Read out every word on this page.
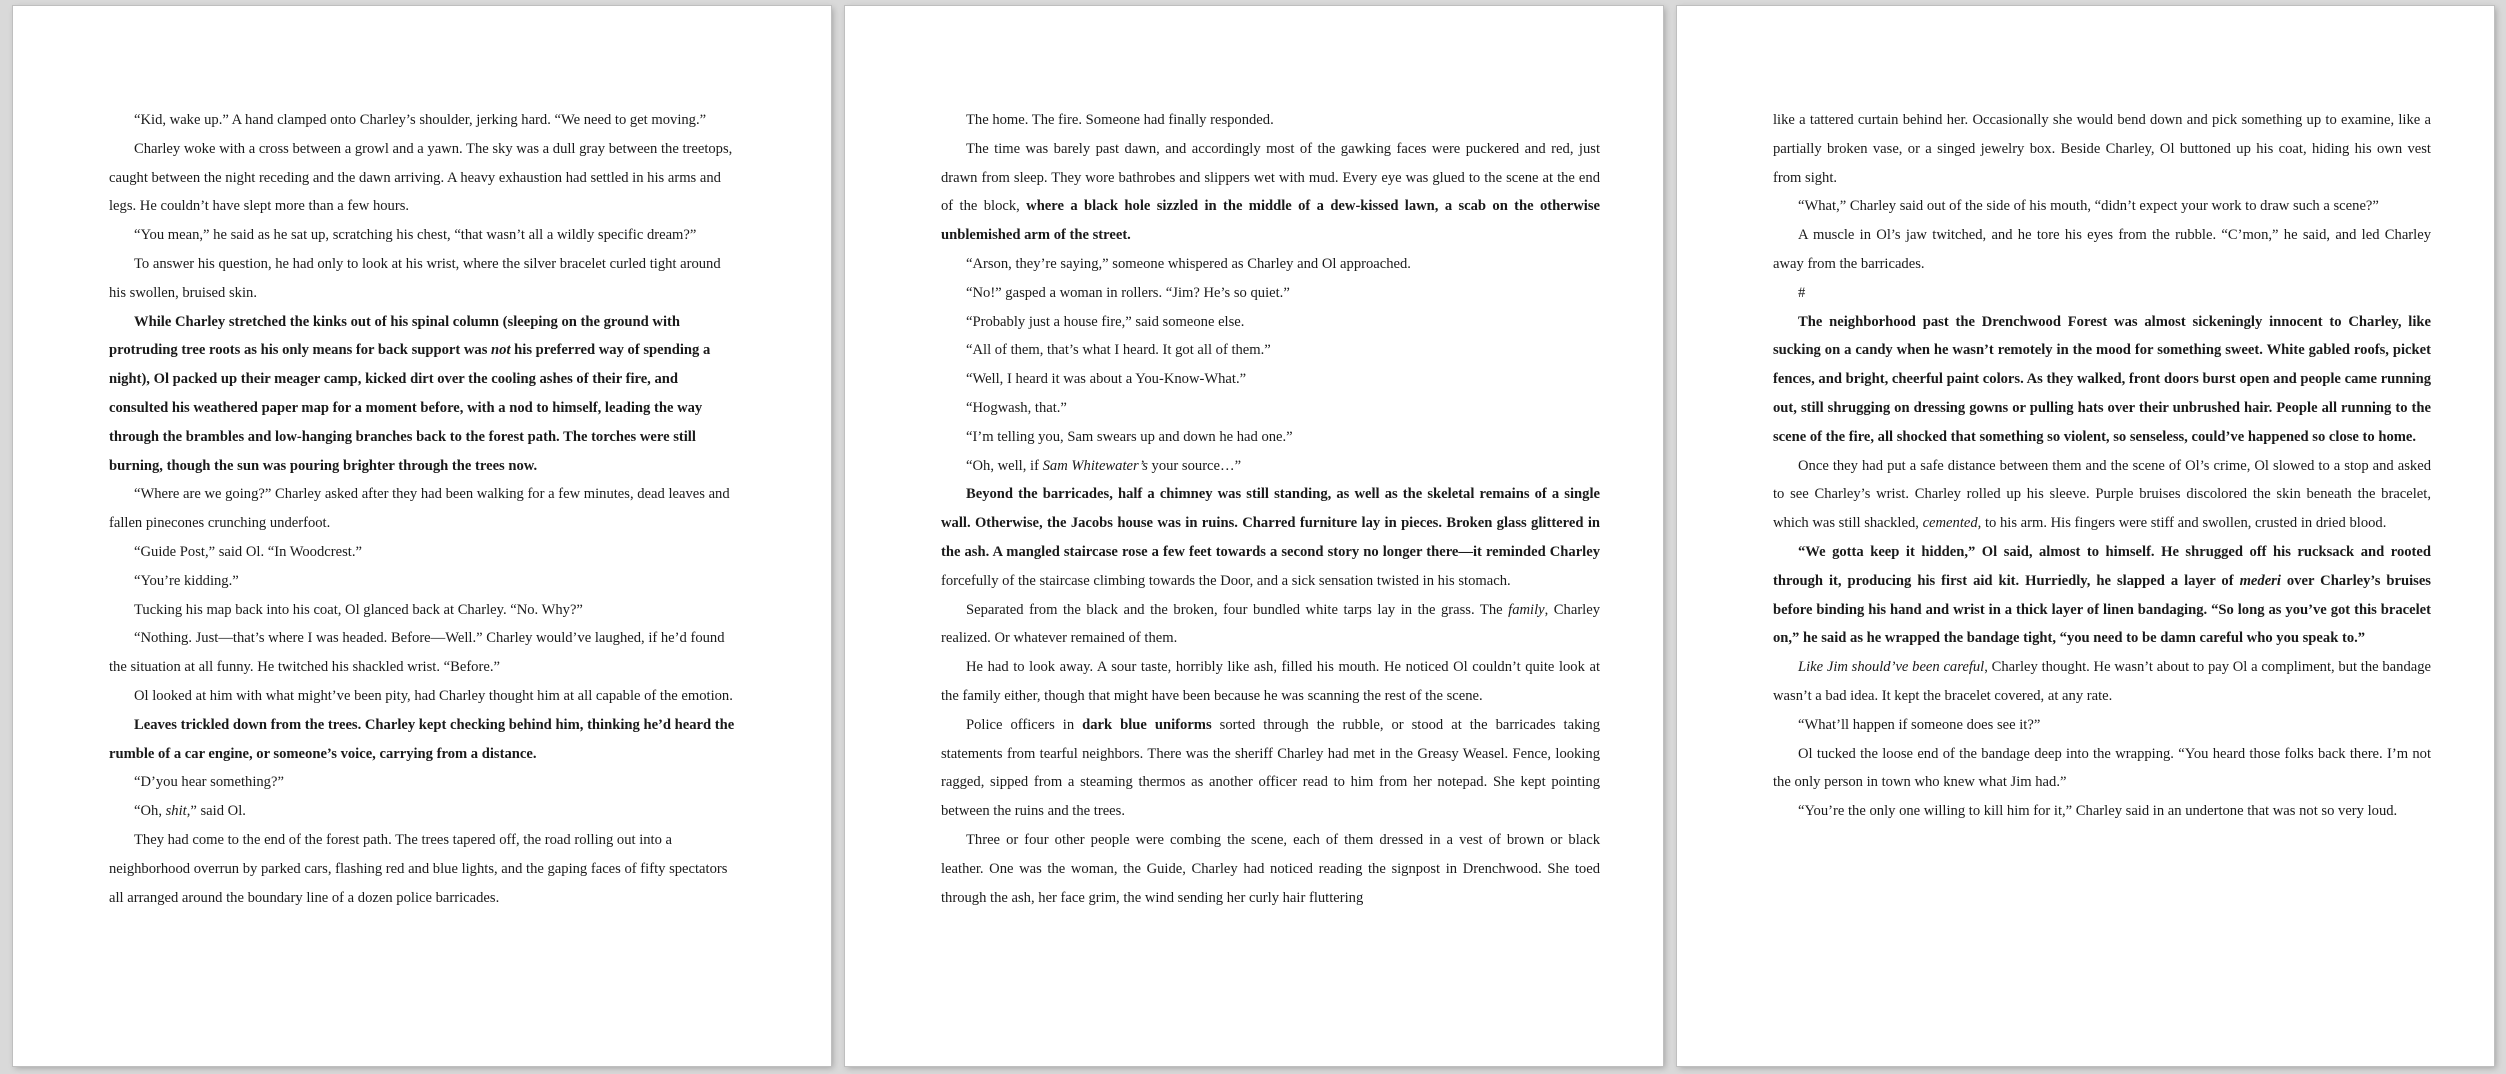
“Kid, wake up.” A hand clamped onto Charley’s shoulder, jerking hard. “We need to get moving.”

Charley woke with a cross between a growl and a yawn. The sky was a dull gray between the treetops, caught between the night receding and the dawn arriving. A heavy exhaustion had settled in his arms and legs. He couldn’t have slept more than a few hours.

“You mean,” he said as he sat up, scratching his chest, “that wasn’t all a wildly specific dream?”

To answer his question, he had only to look at his wrist, where the silver bracelet curled tight around his swollen, bruised skin.

While Charley stretched the kinks out of his spinal column (sleeping on the ground with protruding tree roots as his only means for back support was not his preferred way of spending a night), Ol packed up their meager camp, kicked dirt over the cooling ashes of their fire, and consulted his weathered paper map for a moment before, with a nod to himself, leading the way through the brambles and low-hanging branches back to the forest path. The torches were still burning, though the sun was pouring brighter through the trees now.

“Where are we going?” Charley asked after they had been walking for a few minutes, dead leaves and fallen pinecones crunching underfoot.

“Guide Post,” said Ol. “In Woodcrest.”

“You’re kidding.”

Tucking his map back into his coat, Ol glanced back at Charley. “No. Why?”

“Nothing. Just—that’s where I was headed. Before—Well.” Charley would’ve laughed, if he’d found the situation at all funny. He twitched his shackled wrist. “Before.”

Ol looked at him with what might’ve been pity, had Charley thought him at all capable of the emotion.

Leaves trickled down from the trees. Charley kept checking behind him, thinking he’d heard the rumble of a car engine, or someone’s voice, carrying from a distance.

“D’you hear something?”

“Oh, shit,” said Ol.

They had come to the end of the forest path. The trees tapered off, the road rolling out into a neighborhood overrun by parked cars, flashing red and blue lights, and the gaping faces of fifty spectators all arranged around the boundary line of a dozen police barricades.

The home. The fire. Someone had finally responded.

The time was barely past dawn, and accordingly most of the gawking faces were puckered and red, just drawn from sleep. They wore bathrobes and slippers wet with mud. Every eye was glued to the scene at the end of the block, where a black hole sizzled in the middle of a dew-kissed lawn, a scab on the otherwise unblemished arm of the street.

“Arson, they’re saying,” someone whispered as Charley and Ol approached.

“No!” gasped a woman in rollers. “Jim? He’s so quiet.”

“Probably just a house fire,” said someone else.

“All of them, that’s what I heard. It got all of them.”

“Well, I heard it was about a You-Know-What.”

“Hogwash, that.”

“I’m telling you, Sam swears up and down he had one.”

“Oh, well, if Sam Whitewater’s your source…”

Beyond the barricades, half a chimney was still standing, as well as the skeletal remains of a single wall. Otherwise, the Jacobs house was in ruins. Charred furniture lay in pieces. Broken glass glittered in the ash. A mangled staircase rose a few feet towards a second story no longer there—it reminded Charley forcefully of the staircase climbing towards the Door, and a sick sensation twisted in his stomach.

Separated from the black and the broken, four bundled white tarps lay in the grass. The family, Charley realized. Or whatever remained of them.

He had to look away. A sour taste, horribly like ash, filled his mouth. He noticed Ol couldn’t quite look at the family either, though that might have been because he was scanning the rest of the scene.

Police officers in dark blue uniforms sorted through the rubble, or stood at the barricades taking statements from tearful neighbors. There was the sheriff Charley had met in the Greasy Weasel. Fence, looking ragged, sipped from a steaming thermos as another officer read to him from her notepad. She kept pointing between the ruins and the trees.

Three or four other people were combing the scene, each of them dressed in a vest of brown or black leather. One was the woman, the Guide, Charley had noticed reading the signpost in Drenchwood. She toed through the ash, her face grim, the wind sending her curly hair fluttering

like a tattered curtain behind her. Occasionally she would bend down and pick something up to examine, like a partially broken vase, or a singed jewelry box. Beside Charley, Ol buttoned up his coat, hiding his own vest from sight.

“What,” Charley said out of the side of his mouth, “didn’t expect your work to draw such a scene?”

A muscle in Ol’s jaw twitched, and he tore his eyes from the rubble. “C’mon,” he said, and led Charley away from the barricades.

#

The neighborhood past the Drenchwood Forest was almost sickeningly innocent to Charley, like sucking on a candy when he wasn’t remotely in the mood for something sweet. White gabled roofs, picket fences, and bright, cheerful paint colors. As they walked, front doors burst open and people came running out, still shrugging on dressing gowns or pulling hats over their unbrushed hair. People all running to the scene of the fire, all shocked that something so violent, so senseless, could’ve happened so close to home.

Once they had put a safe distance between them and the scene of Ol’s crime, Ol slowed to a stop and asked to see Charley’s wrist. Charley rolled up his sleeve. Purple bruises discolored the skin beneath the bracelet, which was still shackled, cemented, to his arm. His fingers were stiff and swollen, crusted in dried blood.

“We gotta keep it hidden,” Ol said, almost to himself. He shrugged off his rucksack and rooted through it, producing his first aid kit. Hurriedly, he slapped a layer of mederi over Charley’s bruises before binding his hand and wrist in a thick layer of linen bandaging. “So long as you’ve got this bracelet on,” he said as he wrapped the bandage tight, “you need to be damn careful who you speak to.”

Like Jim should’ve been careful, Charley thought. He wasn’t about to pay Ol a compliment, but the bandage wasn’t a bad idea. It kept the bracelet covered, at any rate.

“What’ll happen if someone does see it?”

Ol tucked the loose end of the bandage deep into the wrapping. “You heard those folks back there. I’m not the only person in town who knew what Jim had.”

“You’re the only one willing to kill him for it,” Charley said in an undertone that was not so very loud.
